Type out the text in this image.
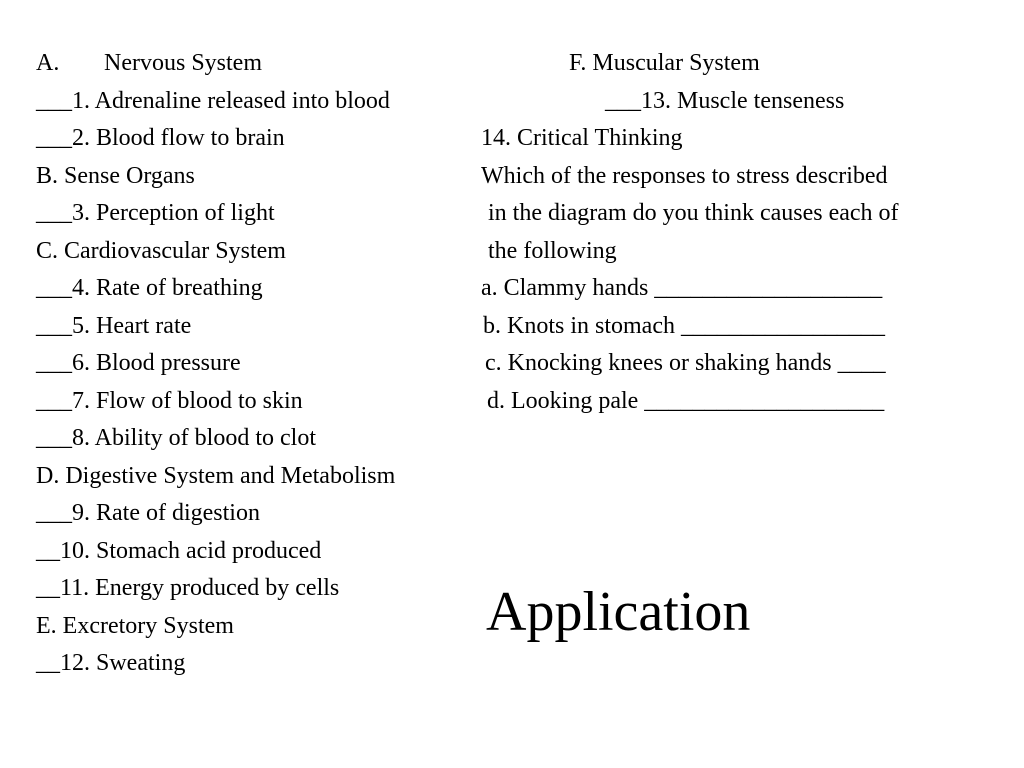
A. Nervous System
___1. Adrenaline released into blood
___2. Blood flow to brain
B. Sense Organs
___3. Perception of light
C. Cardiovascular System
___4. Rate of breathing
___5. Heart rate
___6. Blood pressure
___7. Flow of blood to skin
___8. Ability of blood to clot
D. Digestive System and Metabolism
___9. Rate of digestion
__10. Stomach acid produced
__11. Energy produced by cells
E. Excretory System
__12. Sweating
F. Muscular System
___13. Muscle tenseness
14. Critical Thinking
Which of the responses to stress described
in the diagram do you think causes each of
the following
a. Clammy hands ___________________
b. Knots in stomach _________________
c. Knocking knees or shaking hands ____
d. Looking pale ____________________
Application
